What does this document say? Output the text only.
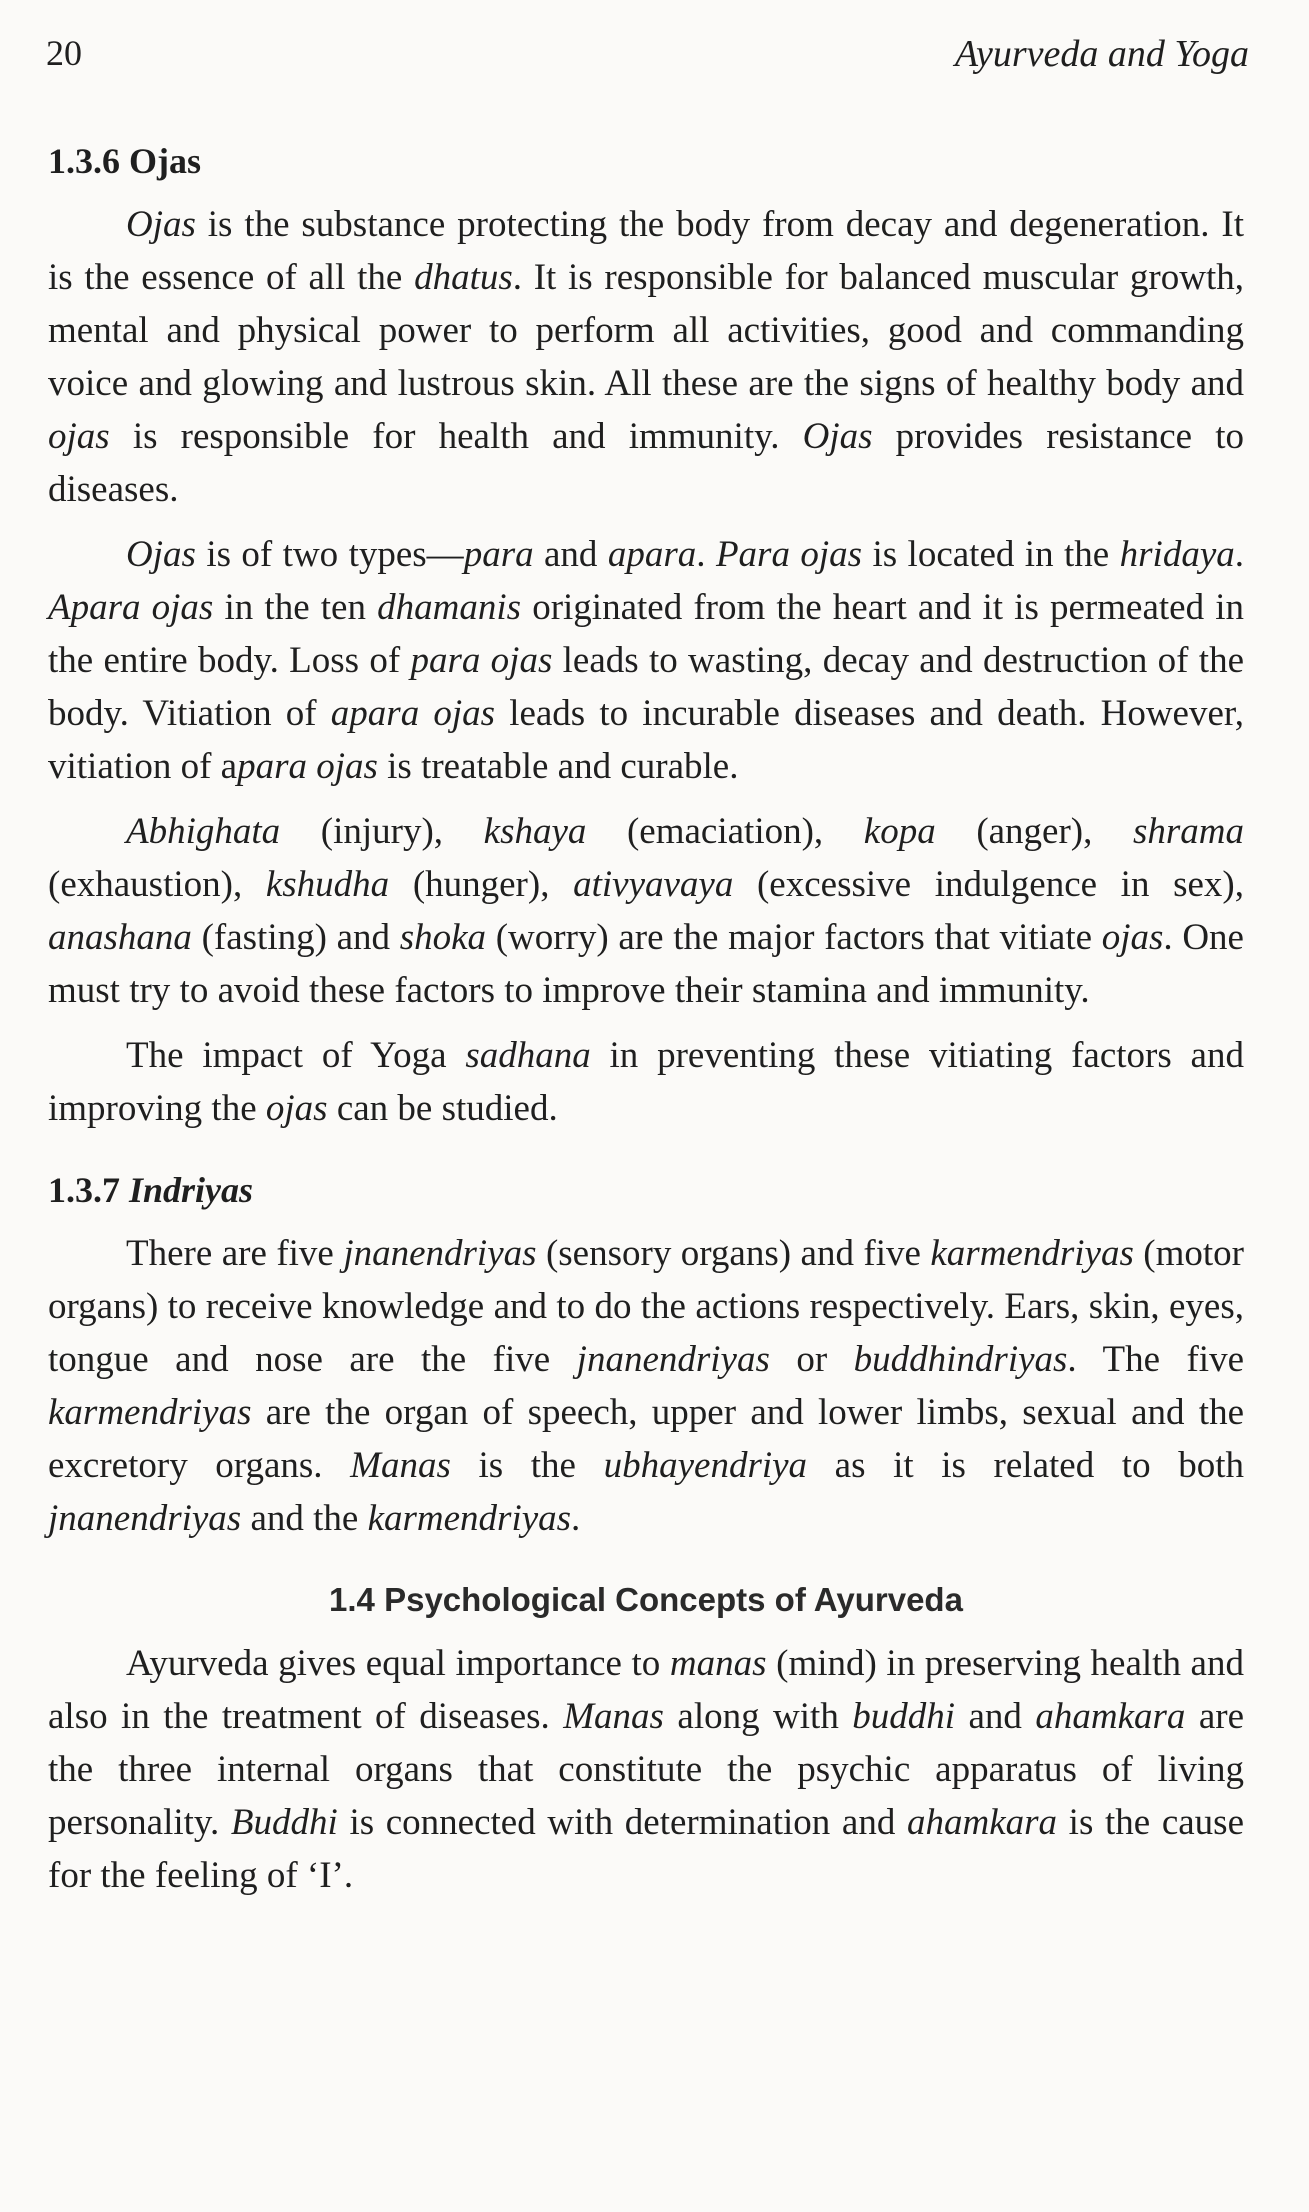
20	Ayurveda and Yoga
1.3.6 Ojas

Ojas is the substance protecting the body from decay and degeneration. It is the essence of all the dhatus. It is responsible for balanced muscular growth, mental and physical power to perform all activities, good and commanding voice and glowing and lustrous skin. All these are the signs of healthy body and ojas is responsible for health and immunity. Ojas provides resistance to diseases.

Ojas is of two types—para and apara. Para ojas is located in the hridaya. Apara ojas in the ten dhamanis originated from the heart and it is permeated in the entire body. Loss of para ojas leads to wasting, decay and destruction of the body. Vitiation of apara ojas leads to incurable diseases and death. However, vitiation of apara ojas is treatable and curable.

Abhighata (injury), kshaya (emaciation), kopa (anger), shrama (exhaustion), kshudha (hunger), ativyavaya (excessive indulgence in sex), anashana (fasting) and shoka (worry) are the major factors that vitiate ojas. One must try to avoid these factors to improve their stamina and immunity.

The impact of Yoga sadhana in preventing these vitiating factors and improving the ojas can be studied.

1.3.7 Indriyas

There are five jnanendriyas (sensory organs) and five karmendriyas (motor organs) to receive knowledge and to do the actions respectively. Ears, skin, eyes, tongue and nose are the five jnanendriyas or buddhindriyas. The five karmendriyas are the organ of speech, upper and lower limbs, sexual and the excretory organs. Manas is the ubhayendriya as it is related to both jnanendriyas and the karmendriyas.

1.4 Psychological Concepts of Ayurveda

Ayurveda gives equal importance to manas (mind) in preserving health and also in the treatment of diseases. Manas along with buddhi and ahamkara are the three internal organs that constitute the psychic apparatus of living personality. Buddhi is connected with determination and ahamkara is the cause for the feeling of ‘I’.
